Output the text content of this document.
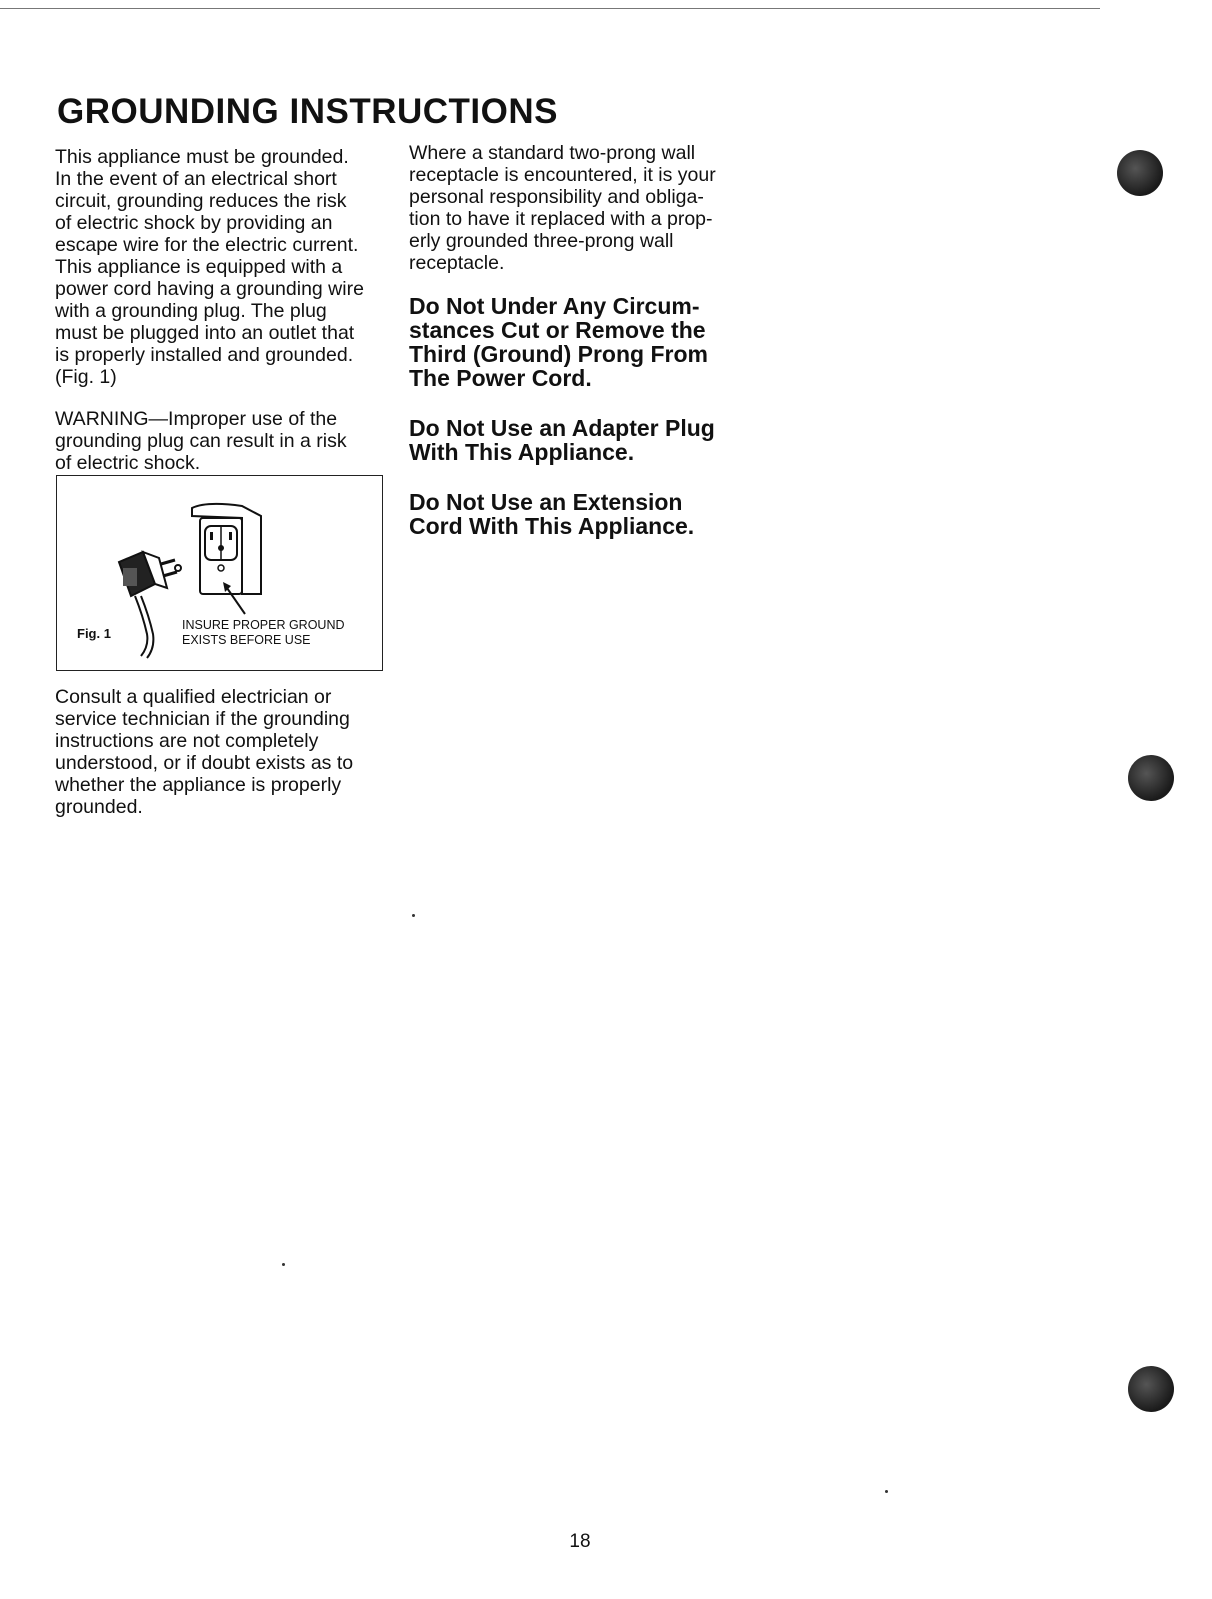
GROUNDING INSTRUCTIONS

This appliance must be grounded.
In the event of an electrical short
circuit, grounding reduces the risk
of electric shock by providing an
escape wire for the electric current.
This appliance is equipped with a
power cord having a grounding wire
with a grounding plug. The plug
must be plugged into an outlet that
is properly installed and grounded.
(Fig. 1)

WARNING—Improper use of the
grounding plug can result in a risk
of electric shock.

Fig. 1
INSURE PROPER GROUND
EXISTS BEFORE USE

Consult a qualified electrician or
service technician if the grounding
instructions are not completely
understood, or if doubt exists as to
whether the appliance is properly
grounded.

Where a standard two-prong wall
receptacle is encountered, it is your
personal responsibility and obliga-
tion to have it replaced with a prop-
erly grounded three-prong wall
receptacle.

Do Not Under Any Circum-
stances Cut or Remove the
Third (Ground) Prong From
The Power Cord.

Do Not Use an Adapter Plug
With This Appliance.

Do Not Use an Extension
Cord With This Appliance.

18
